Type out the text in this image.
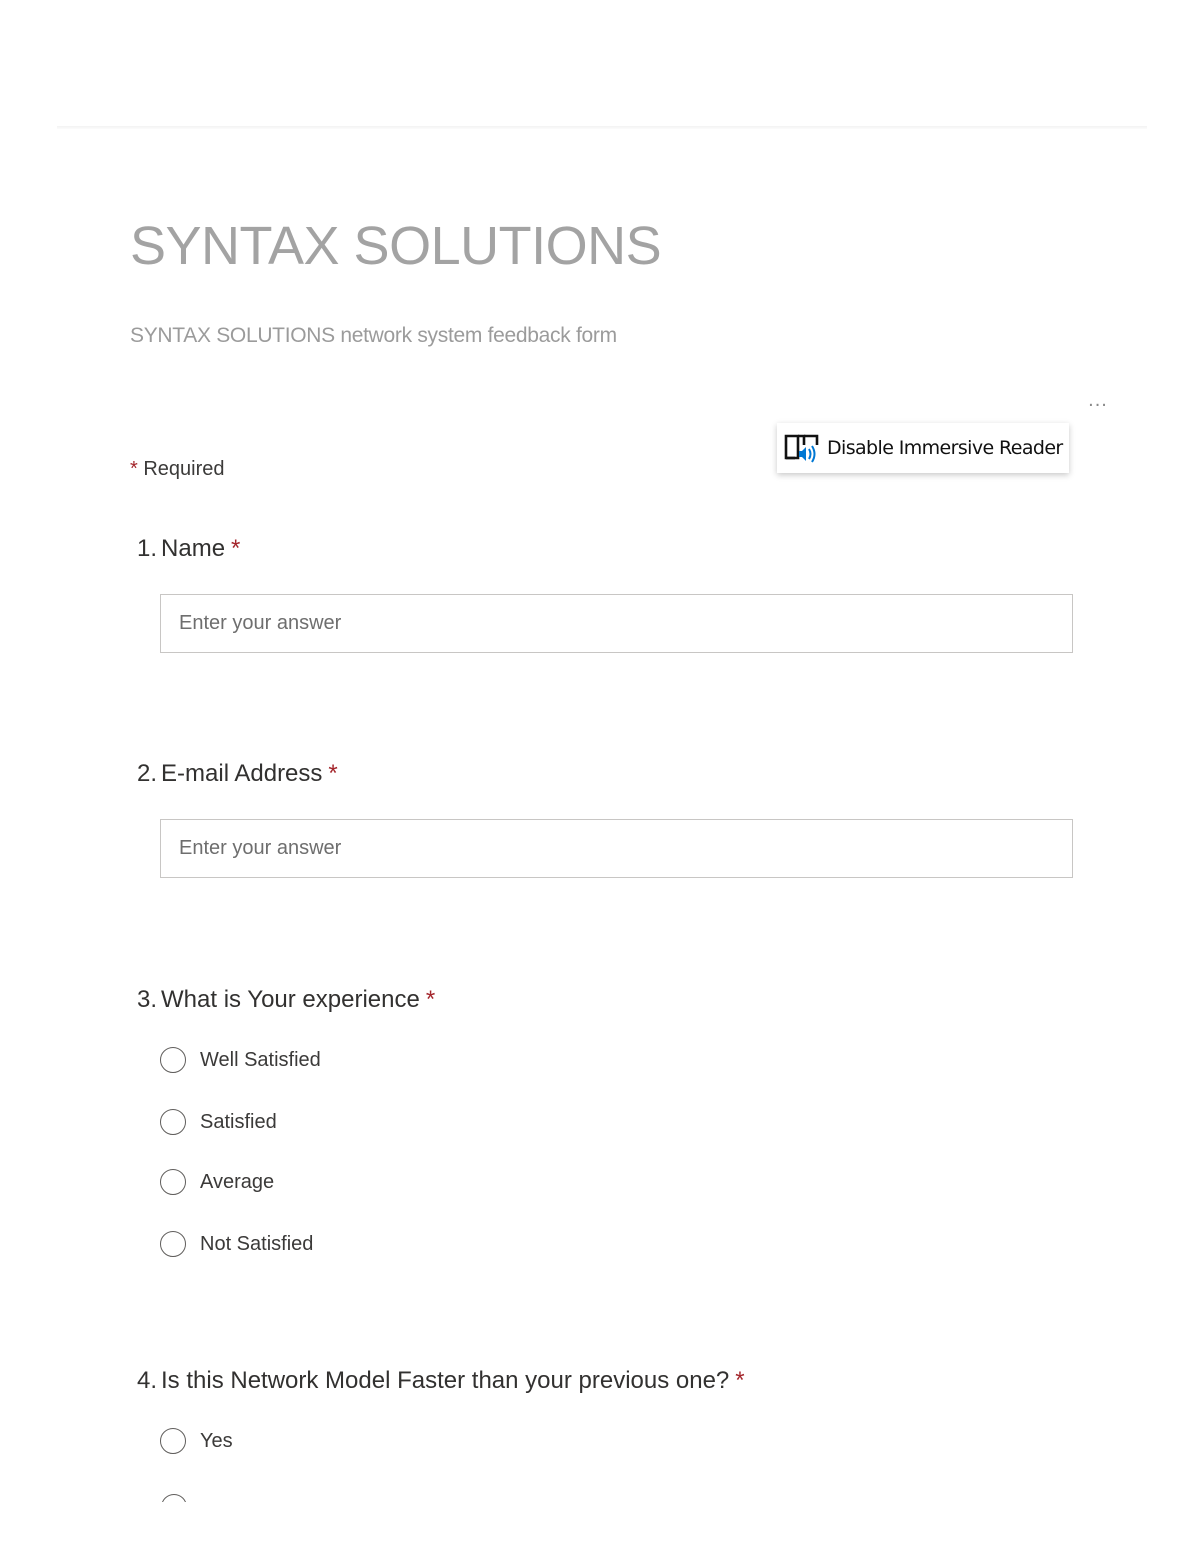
SYNTAX SOLUTIONS
SYNTAX SOLUTIONS network system feedback form
...
Disable Immersive Reader
* Required
1. Name *
Enter your answer
2. E-mail Address *
Enter your answer
3. What is Your experience *
Well Satisfied
Satisfied
Average
Not Satisfied
4. Is this Network Model Faster than your previous one? *
Yes
